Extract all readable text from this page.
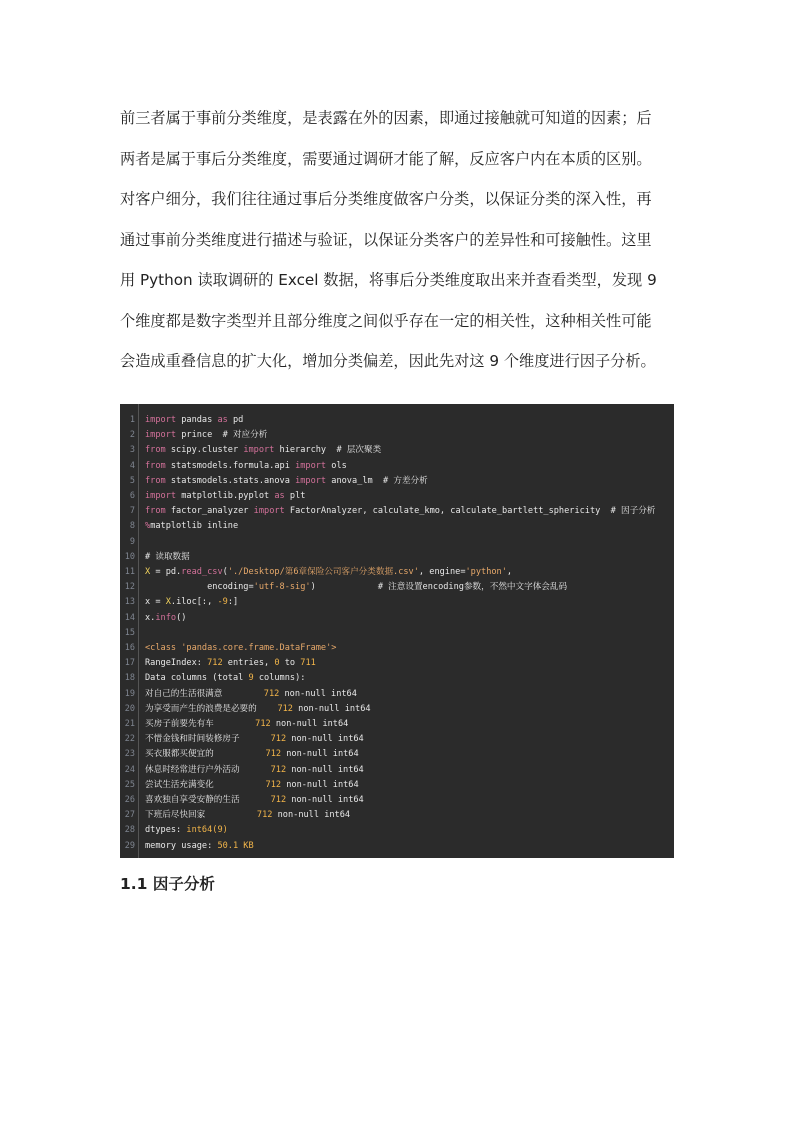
前三者属于事前分类维度，是表露在外的因素，即通过接触就可知道的因素；后
两者是属于事后分类维度，需要通过调研才能了解，反应客户内在本质的区别。
对客户细分，我们往往通过事后分类维度做客户分类，以保证分类的深入性，再
通过事前分类维度进行描述与验证，以保证分类客户的差异性和可接触性。这里
用 Python 读取调研的 Excel 数据，将事后分类维度取出来并查看类型，发现 9
个维度都是数字类型并且部分维度之间似乎存在一定的相关性，这种相关性可能
会造成重叠信息的扩大化，增加分类偏差，因此先对这 9 个维度进行因子分析。
1 import pandas as pd
2 import prince  # 对应分析
3 from scipy.cluster import hierarchy  # 层次聚类
4 from statsmodels.formula.api import ols
5 from statsmodels.stats.anova import anova_lm  # 方差分析
6 import matplotlib.pyplot as plt
7 from factor_analyzer import FactorAnalyzer, calculate_kmo, calculate_bartlett_sphericity  # 因子分析
8 %matplotlib inline
9
10 # 读取数据
11 X = pd.read_csv('./Desktop/第6章保险公司客户分类数据.csv', engine='python',
12 encoding='utf-8-sig')            # 注意设置encoding参数，不然中文字体会乱码
13 x = X.iloc[:, -9:]
14 x.info()
15
16 <class 'pandas.core.frame.DataFrame'>
17 RangeIndex: 712 entries, 0 to 711
18 Data columns (total 9 columns):
19 对自己的生活很满意	712 non-null int64
20 为享受而产生的浪费是必要的 712 non-null int64
21 买房子前要先有车	712 non-null int64
22 不惜金钱和时间装修房子	712 non-null int64
23 买衣服都买便宜的	712 non-null int64
24 休息时经常进行户外活动	712 non-null int64
25 尝试生活充满变化	712 non-null int64
26 喜欢独自享受安静的生活	712 non-null int64
27 下班后尽快回家	712 non-null int64
28 dtypes: int64(9)
29 memory usage: 50.1 KB
1.1 因子分析
